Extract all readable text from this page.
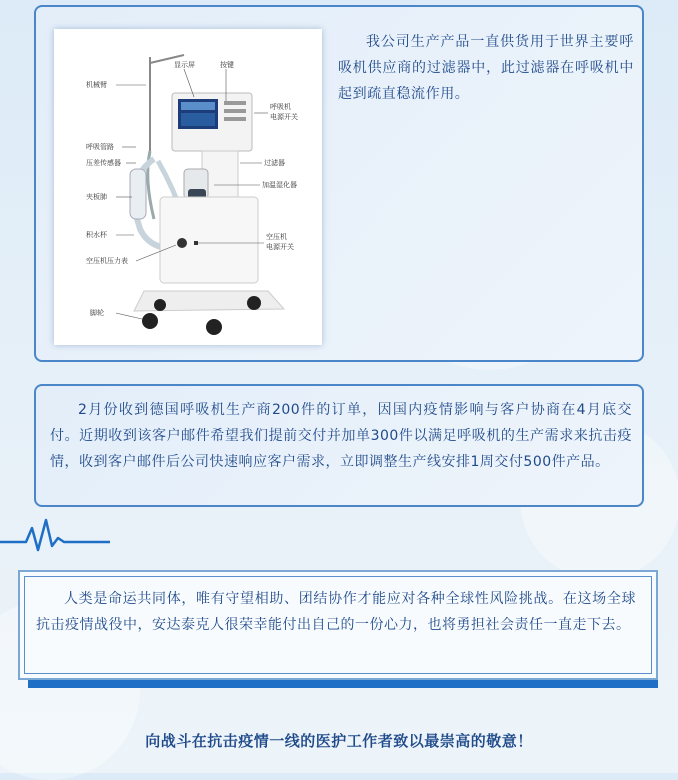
机械臂
显示屏	按键
呼吸机
电源开关
呼吸管路
压差传感器
夹板肺
过滤器
加温湿化器
积水杯	空压机
电源开关
空压机压力表
脚轮
我公司生产产品一直供货用于世界主要呼吸机供应商的过滤器中，此过滤器在呼吸机中起到疏直稳流作用。
2月份收到德国呼吸机生产商200件的订单，因国内疫情影响与客户协商在4月底交付。近期收到该客户邮件希望我们提前交付并加单300件以满足呼吸机的生产需求来抗击疫情，收到客户邮件后公司快速响应客户需求，立即调整生产线安排1周交付500件产品。
人类是命运共同体，唯有守望相助、团结协作才能应对各种全球性风险挑战。在这场全球抗击疫情战役中，安达泰克人很荣幸能付出自己的一份心力，也将勇担社会责任一直走下去。
向战斗在抗击疫情一线的医护工作者致以最崇高的敬意！
